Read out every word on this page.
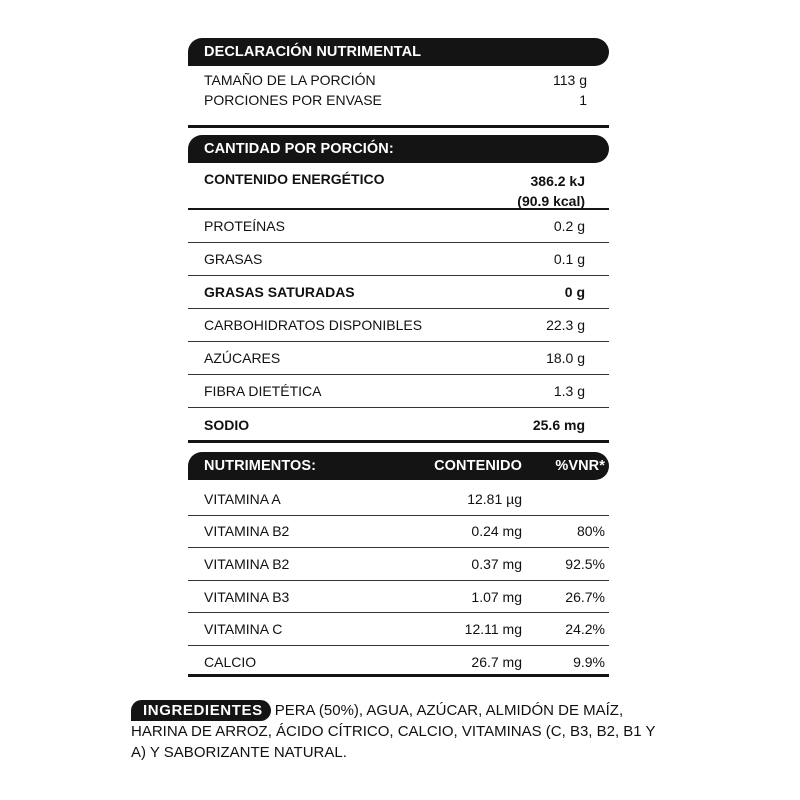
DECLARACIÓN NUTRIMENTAL
TAMAÑO DE LA PORCIÓN	113 g
PORCIONES POR ENVASE	1
CANTIDAD POR PORCIÓN:
CONTENIDO ENERGÉTICO	386.2 kJ
(90.9 kcal)
PROTEÍNAS	0.2 g
GRASAS	0.1 g
GRASAS SATURADAS	0 g
CARBOHIDRATOS DISPONIBLES	22.3 g
AZÚCARES	18.0 g
FIBRA DIETÉTICA	1.3 g
SODIO	25.6 mg
NUTRIMENTOS:	CONTENIDO	%VNR*
VITAMINA A	12.81 µg
VITAMINA B2	0.24 mg	80%
VITAMINA B2	0.37 mg	92.5%
VITAMINA B3	1.07 mg	26.7%
VITAMINA C	12.11 mg	24.2%
CALCIO	26.7 mg	9.9%
INGREDIENTES PERA (50%), AGUA, AZÚCAR, ALMIDÓN DE MAÍZ, HARINA DE ARROZ, ÁCIDO CÍTRICO, CALCIO, VITAMINAS (C, B3, B2, B1 Y A) Y SABORIZANTE NATURAL.
